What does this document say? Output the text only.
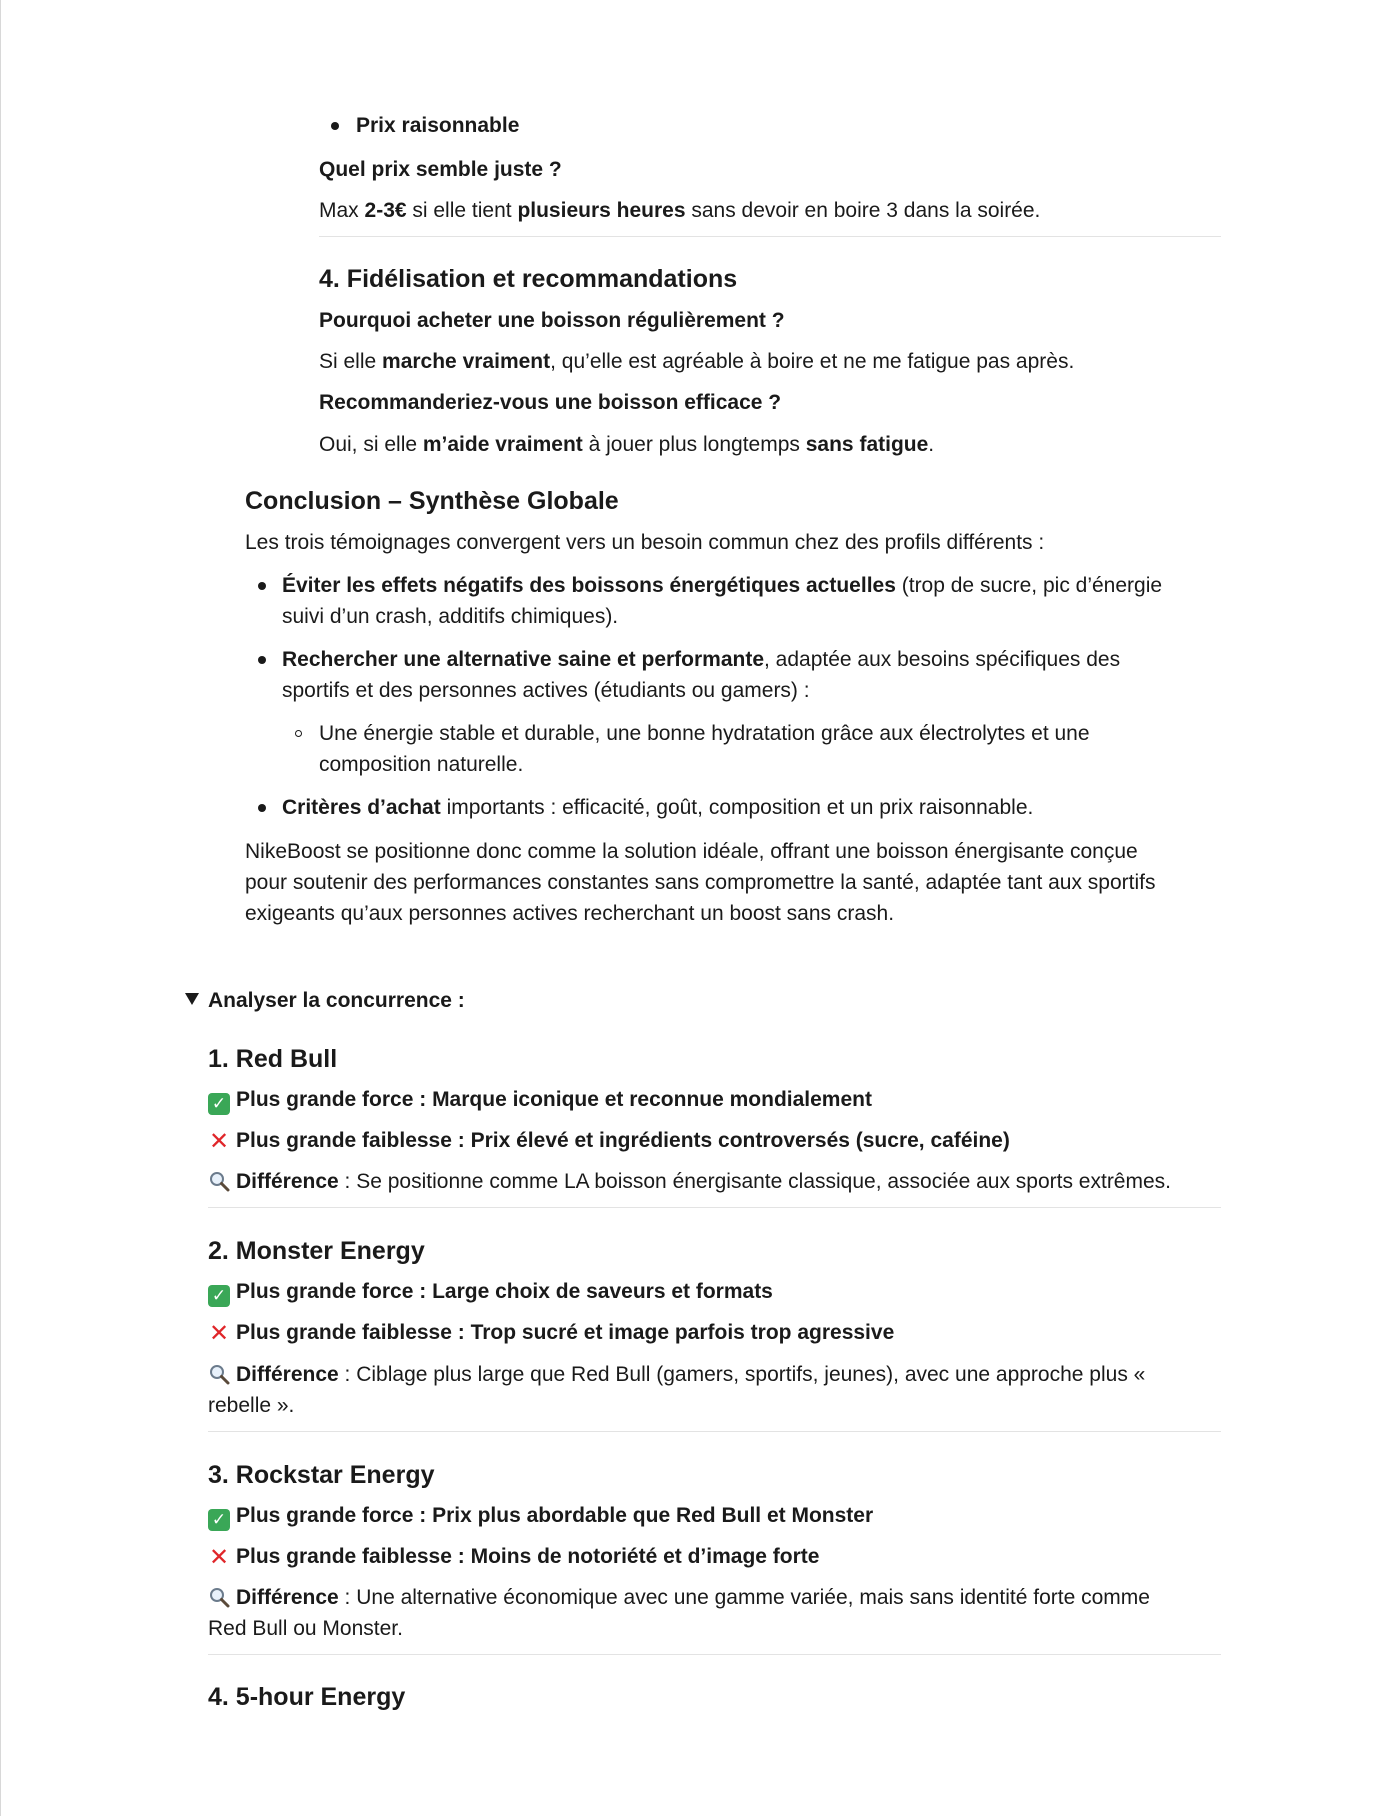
Prix raisonnable
Quel prix semble juste ?
Max 2-3€ si elle tient plusieurs heures sans devoir en boire 3 dans la soirée.
4. Fidélisation et recommandations
Pourquoi acheter une boisson régulièrement ?
Si elle marche vraiment, qu’elle est agréable à boire et ne me fatigue pas après.
Recommanderiez-vous une boisson efficace ?
Oui, si elle m’aide vraiment à jouer plus longtemps sans fatigue.
Conclusion – Synthèse Globale
Les trois témoignages convergent vers un besoin commun chez des profils différents :
Éviter les effets négatifs des boissons énergétiques actuelles (trop de sucre, pic d’énergie
suivi d’un crash, additifs chimiques).
Rechercher une alternative saine et performante, adaptée aux besoins spécifiques des
sportifs et des personnes actives (étudiants ou gamers) :
Une énergie stable et durable, une bonne hydratation grâce aux électrolytes et une
composition naturelle.
Critères d’achat importants : efficacité, goût, composition et un prix raisonnable.
NikeBoost se positionne donc comme la solution idéale, offrant une boisson énergisante conçue
pour soutenir des performances constantes sans compromettre la santé, adaptée tant aux sportifs
exigeants qu’aux personnes actives recherchant un boost sans crash.
Analyser la concurrence :
1. Red Bull
✓ Plus grande force : Marque iconique et reconnue mondialement
✕ Plus grande faiblesse : Prix élevé et ingrédients controversés (sucre, caféine)
Différence : Se positionne comme LA boisson énergisante classique, associée aux sports extrêmes.
2. Monster Energy
✓ Plus grande force : Large choix de saveurs et formats
✕ Plus grande faiblesse : Trop sucré et image parfois trop agressive
Différence : Ciblage plus large que Red Bull (gamers, sportifs, jeunes), avec une approche plus «
rebelle ».
3. Rockstar Energy
✓ Plus grande force : Prix plus abordable que Red Bull et Monster
✕ Plus grande faiblesse : Moins de notoriété et d’image forte
Différence : Une alternative économique avec une gamme variée, mais sans identité forte comme
Red Bull ou Monster.
4. 5-hour Energy
